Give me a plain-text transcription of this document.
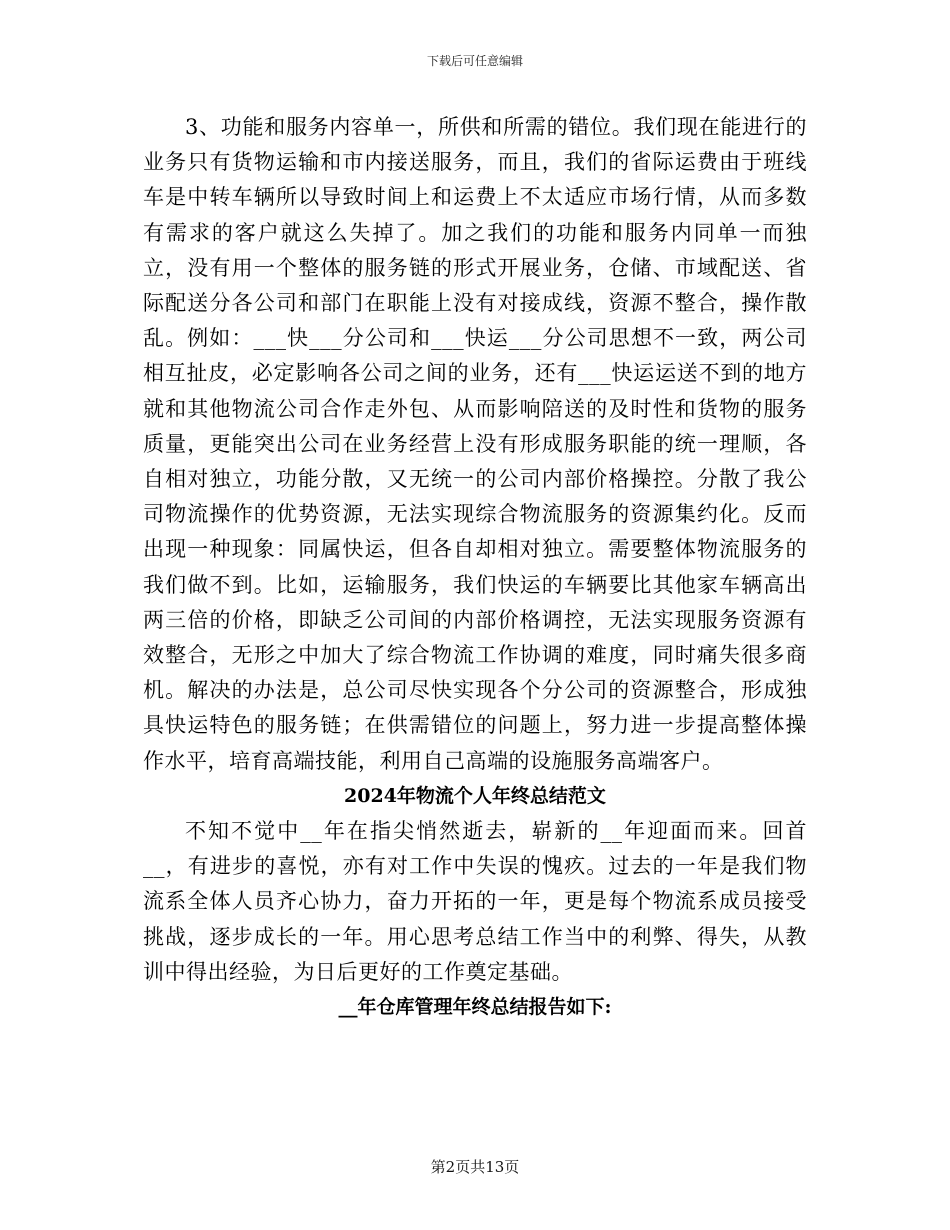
下载后可任意编辑

3、功能和服务内容单一，所供和所需的错位。我们现在能进行的业务只有货物运输和市内接送服务，而且，我们的省际运费由于班线车是中转车辆所以导致时间上和运费上不太适应市场行情，从而多数有需求的客户就这么失掉了。加之我们的功能和服务内同单一而独立，没有用一个整体的服务链的形式开展业务，仓储、市域配送、省际配送分各公司和部门在职能上没有对接成线，资源不整合，操作散乱。例如：___快___分公司和___快运___分公司思想不一致，两公司相互扯皮，必定影响各公司之间的业务，还有___快运运送不到的地方就和其他物流公司合作走外包、从而影响陪送的及时性和货物的服务质量，更能突出公司在业务经营上没有形成服务职能的统一理顺，各自相对独立，功能分散，又无统一的公司内部价格操控。分散了我公司物流操作的优势资源，无法实现综合物流服务的资源集约化。反而出现一种现象：同属快运，但各自却相对独立。需要整体物流服务的我们做不到。比如，运输服务，我们快运的车辆要比其他家车辆高出两三倍的价格，即缺乏公司间的内部价格调控，无法实现服务资源有效整合，无形之中加大了综合物流工作协调的难度，同时痛失很多商机。解决的办法是，总公司尽快实现各个分公司的资源整合，形成独具快运特色的服务链；在供需错位的问题上，努力进一步提高整体操作水平，培育高端技能，利用自己高端的设施服务高端客户。

2024年物流个人年终总结范文

不知不觉中__年在指尖悄然逝去，崭新的__年迎面而来。回首__，有进步的喜悦，亦有对工作中失误的愧疚。过去的一年是我们物流系全体人员齐心协力，奋力开拓的一年，更是每个物流系成员接受挑战，逐步成长的一年。用心思考总结工作当中的利弊、得失，从教训中得出经验，为日后更好的工作奠定基础。

__年仓库管理年终总结报告如下:

第2页共13页
